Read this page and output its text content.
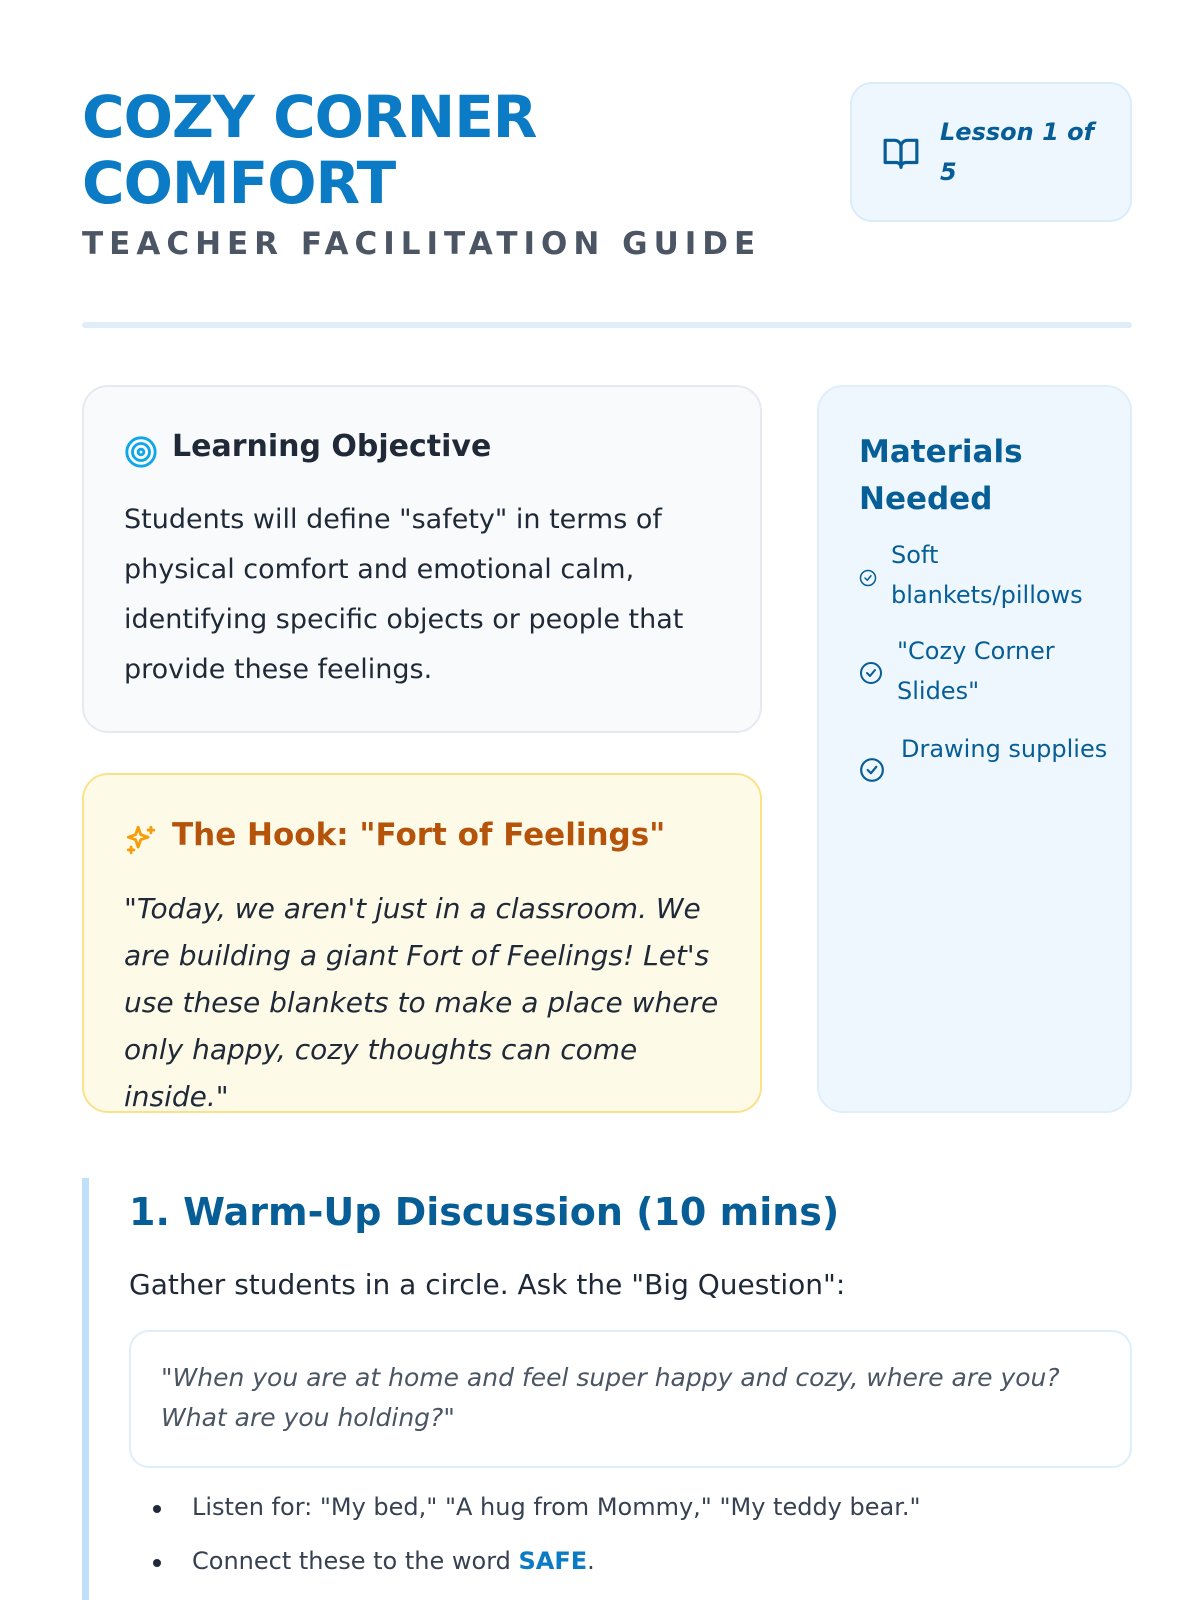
COZY CORNER COMFORT
TEACHER FACILITATION GUIDE
Lesson 1 of 5
Learning Objective

Students will define "safety" in terms of physical comfort and emotional calm, identifying specific objects or people that provide these feelings.

The Hook: "Fort of Feelings"

"Today, we aren't just in a classroom. We are building a giant Fort of Feelings! Let's use these blankets to make a place where only happy, cozy thoughts can come inside."

Materials Needed
Soft blankets/pillows
"Cozy Corner Slides"
Drawing supplies
1. Warm-Up Discussion (10 mins)

Gather students in a circle. Ask the "Big Question":

"When you are at home and feel super happy and cozy, where are you? What are you holding?"

Listen for: "My bed," "A hug from Mommy," "My teddy bear."
Connect these to the word SAFE.
